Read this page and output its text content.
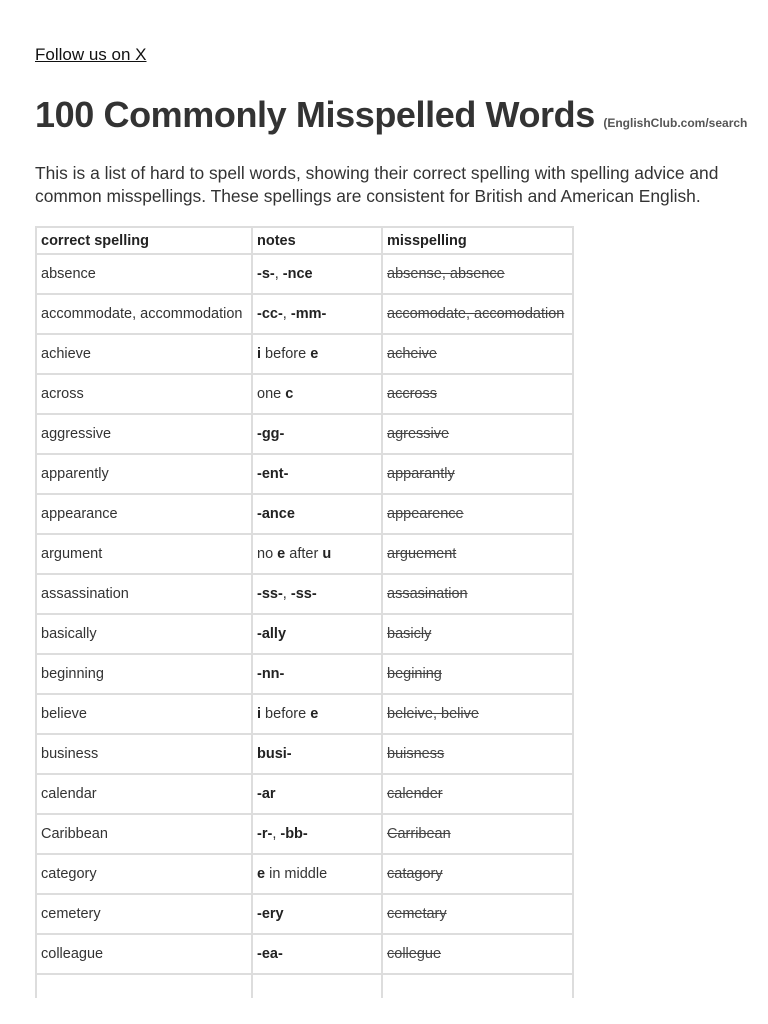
Follow us on X
100 Commonly Misspelled Words (EnglishClub.com/search

This is a list of hard to spell words, showing their correct spelling with spelling advice and common misspellings. These spellings are consistent for British and American English.

correct spelling	notes	misspelling
absence	-s-, -nce	absense, absence
accommodate, accommodation	-cc-, -mm-	accomodate, accomodation
achieve	i before e	acheive
across	one c	accross
aggressive	-gg-	agressive
apparently	-ent-	apparantly
appearance	-ance	appearence
argument	no e after u	arguement
assassination	-ss-, -ss-	assasination
basically	-ally	basicly
beginning	-nn-	begining
believe	i before e	beleive, belive
business	busi-	buisness
calendar	-ar	calender
Caribbean	-r-, -bb-	Carribean
category	e in middle	catagory
cemetery	-ery	cemetary
colleague	-ea-	collegue
